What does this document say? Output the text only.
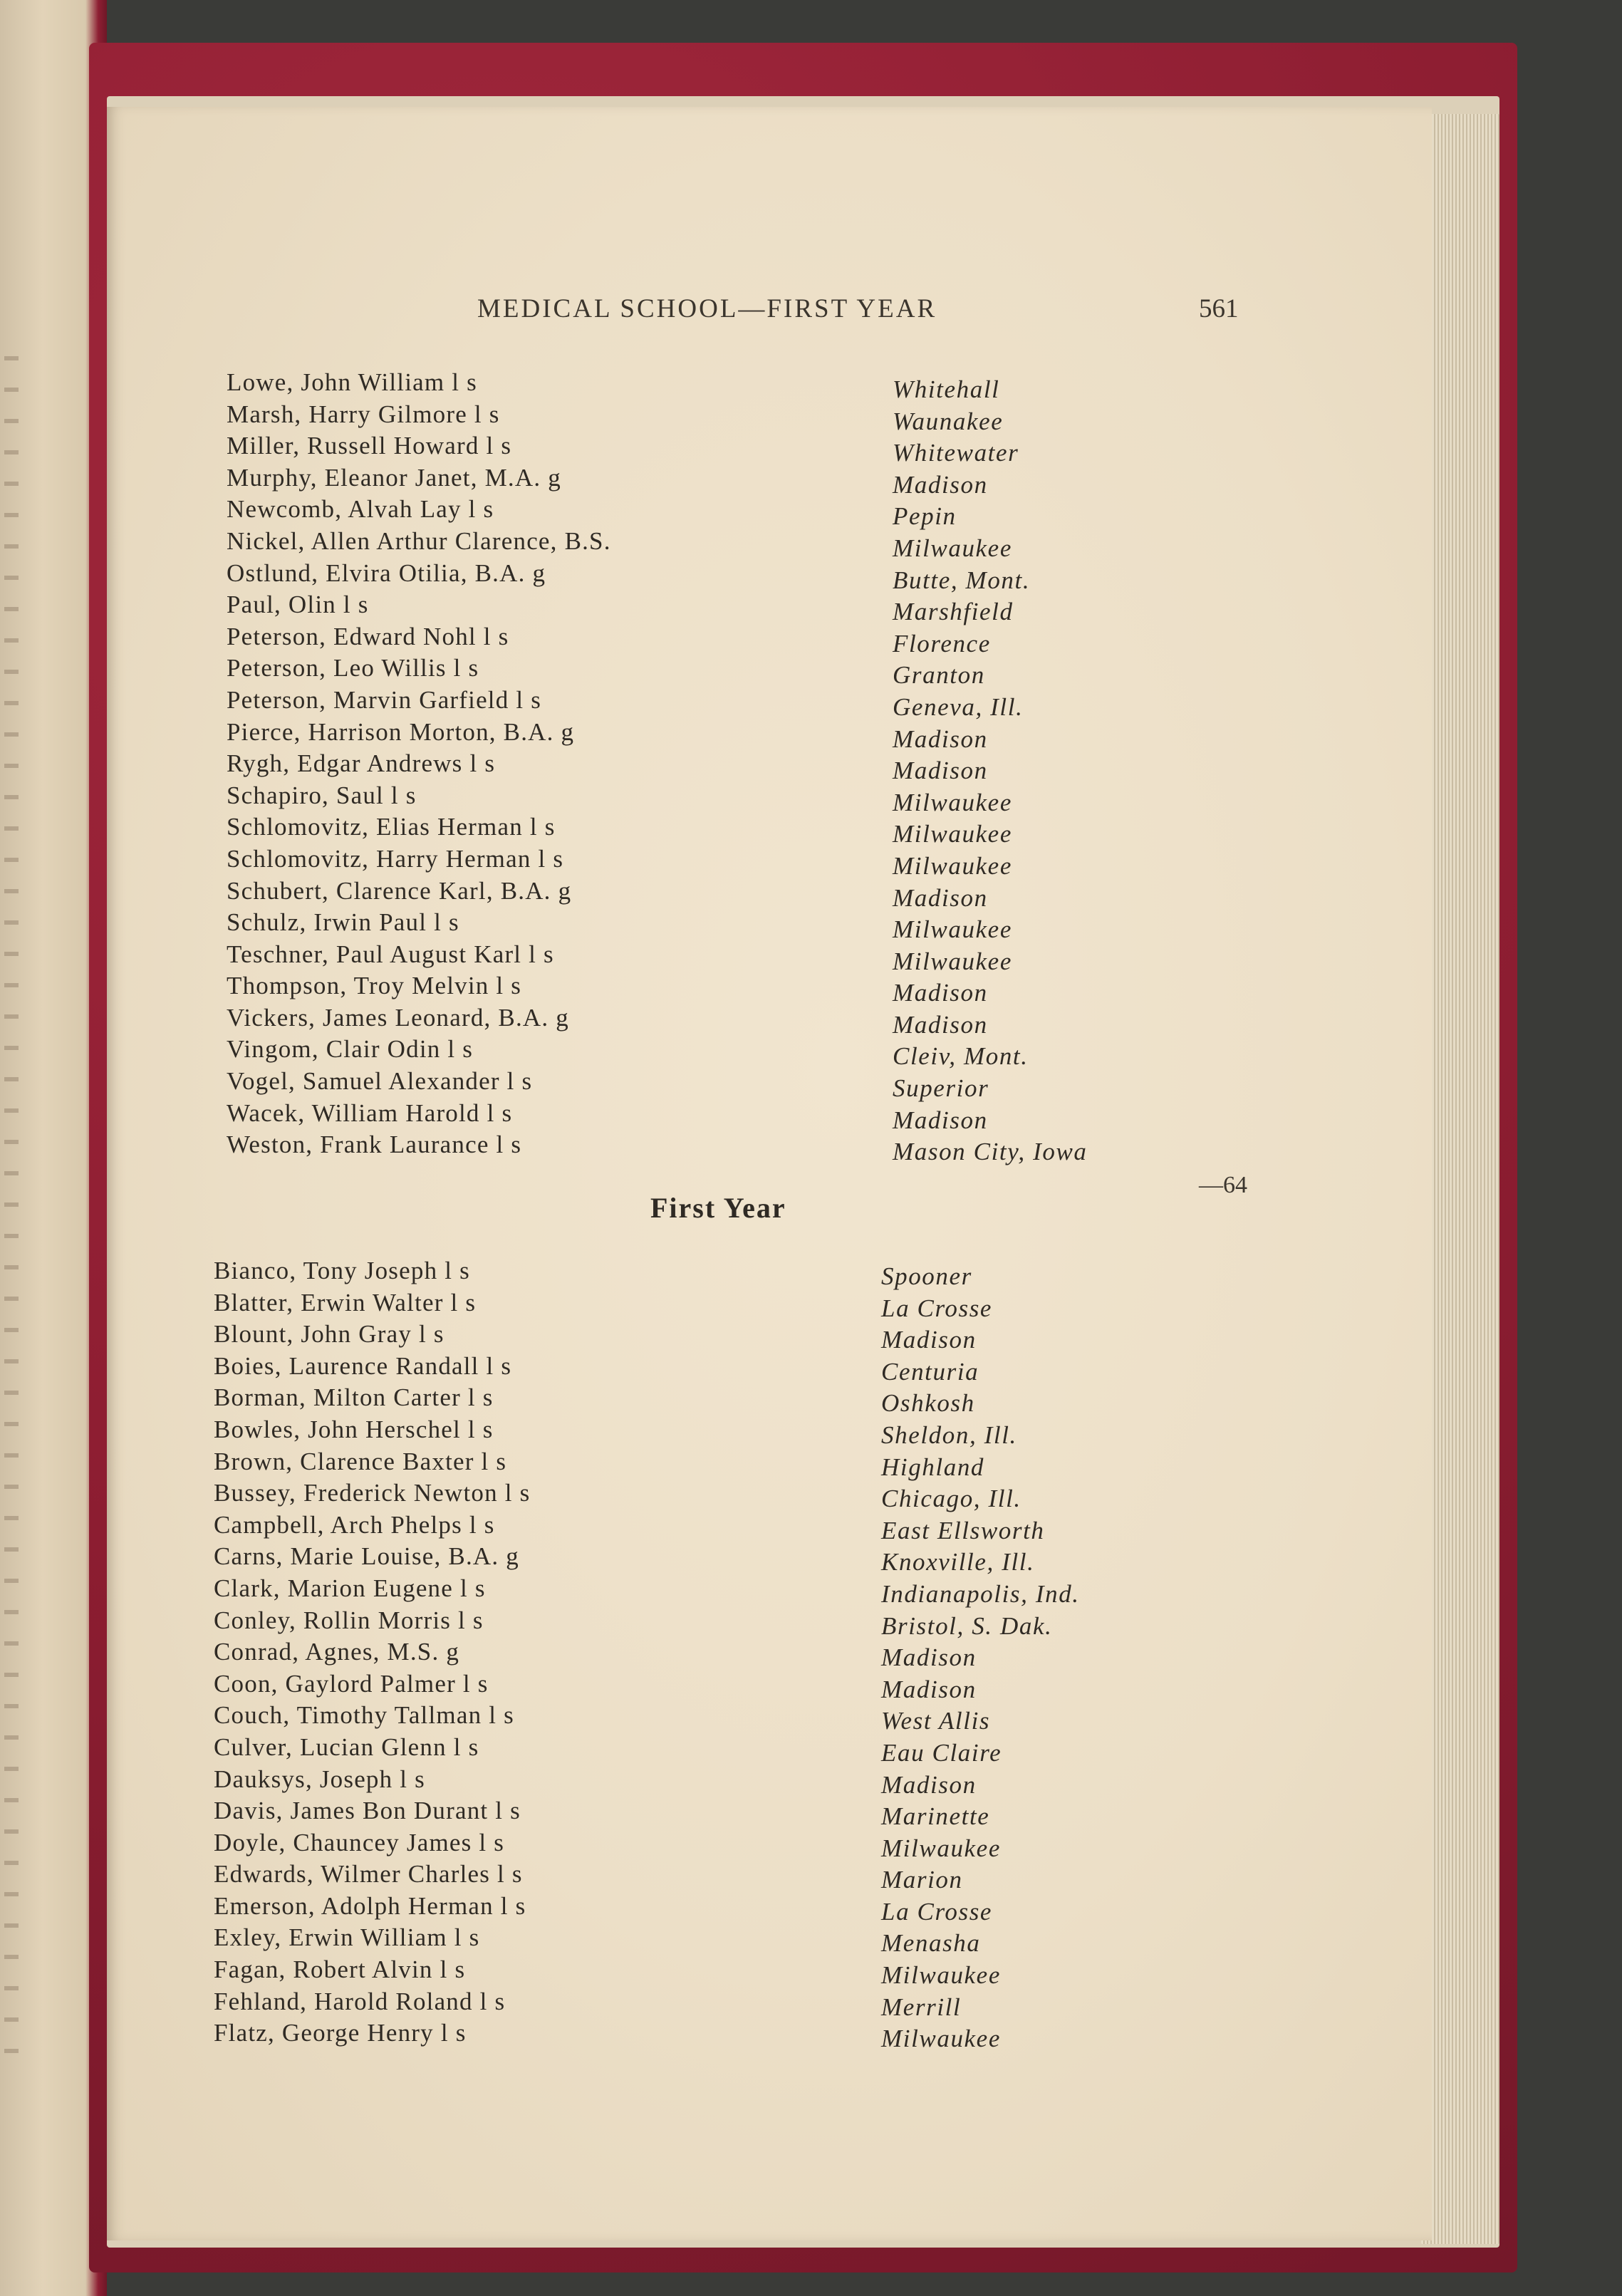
MEDICAL SCHOOL—FIRST YEAR	561
Lowe, John William l s
Marsh, Harry Gilmore l s
Miller, Russell Howard l s
Murphy, Eleanor Janet, M.A. g
Newcomb, Alvah Lay l s
Nickel, Allen Arthur Clarence, B.S.
Ostlund, Elvira Otilia, B.A. g
Paul, Olin l s
Peterson, Edward Nohl l s
Peterson, Leo Willis l s
Peterson, Marvin Garfield l s
Pierce, Harrison Morton, B.A. g
Rygh, Edgar Andrews l s
Schapiro, Saul l s
Schlomovitz, Elias Herman l s
Schlomovitz, Harry Herman l s
Schubert, Clarence Karl, B.A. g
Schulz, Irwin Paul l s
Teschner, Paul August Karl l s
Thompson, Troy Melvin l s
Vickers, James Leonard, B.A. g
Vingom, Clair Odin l s
Vogel, Samuel Alexander l s
Wacek, William Harold l s
Weston, Frank Laurance l s
Whitehall
Waunakee
Whitewater
Madison
Pepin
Milwaukee
Butte, Mont.
Marshfield
Florence
Granton
Geneva, Ill.
Madison
Madison
Milwaukee
Milwaukee
Milwaukee
Madison
Milwaukee
Milwaukee
Madison
Madison
Cleiv, Mont.
Superior
Madison
Mason City, Iowa
—64
First Year
Bianco, Tony Joseph l s
Blatter, Erwin Walter l s
Blount, John Gray l s
Boies, Laurence Randall l s
Borman, Milton Carter l s
Bowles, John Herschel l s
Brown, Clarence Baxter l s
Bussey, Frederick Newton l s
Campbell, Arch Phelps l s
Carns, Marie Louise, B.A. g
Clark, Marion Eugene l s
Conley, Rollin Morris l s
Conrad, Agnes, M.S. g
Coon, Gaylord Palmer l s
Couch, Timothy Tallman l s
Culver, Lucian Glenn l s
Dauksys, Joseph l s
Davis, James Bon Durant l s
Doyle, Chauncey James l s
Edwards, Wilmer Charles l s
Emerson, Adolph Herman l s
Exley, Erwin William l s
Fagan, Robert Alvin l s
Fehland, Harold Roland l s
Flatz, George Henry l s
Spooner
La Crosse
Madison
Centuria
Oshkosh
Sheldon, Ill.
Highland
Chicago, Ill.
East Ellsworth
Knoxville, Ill.
Indianapolis, Ind.
Bristol, S. Dak.
Madison
Madison
West Allis
Eau Claire
Madison
Marinette
Milwaukee
Marion
La Crosse
Menasha
Milwaukee
Merrill
Milwaukee
